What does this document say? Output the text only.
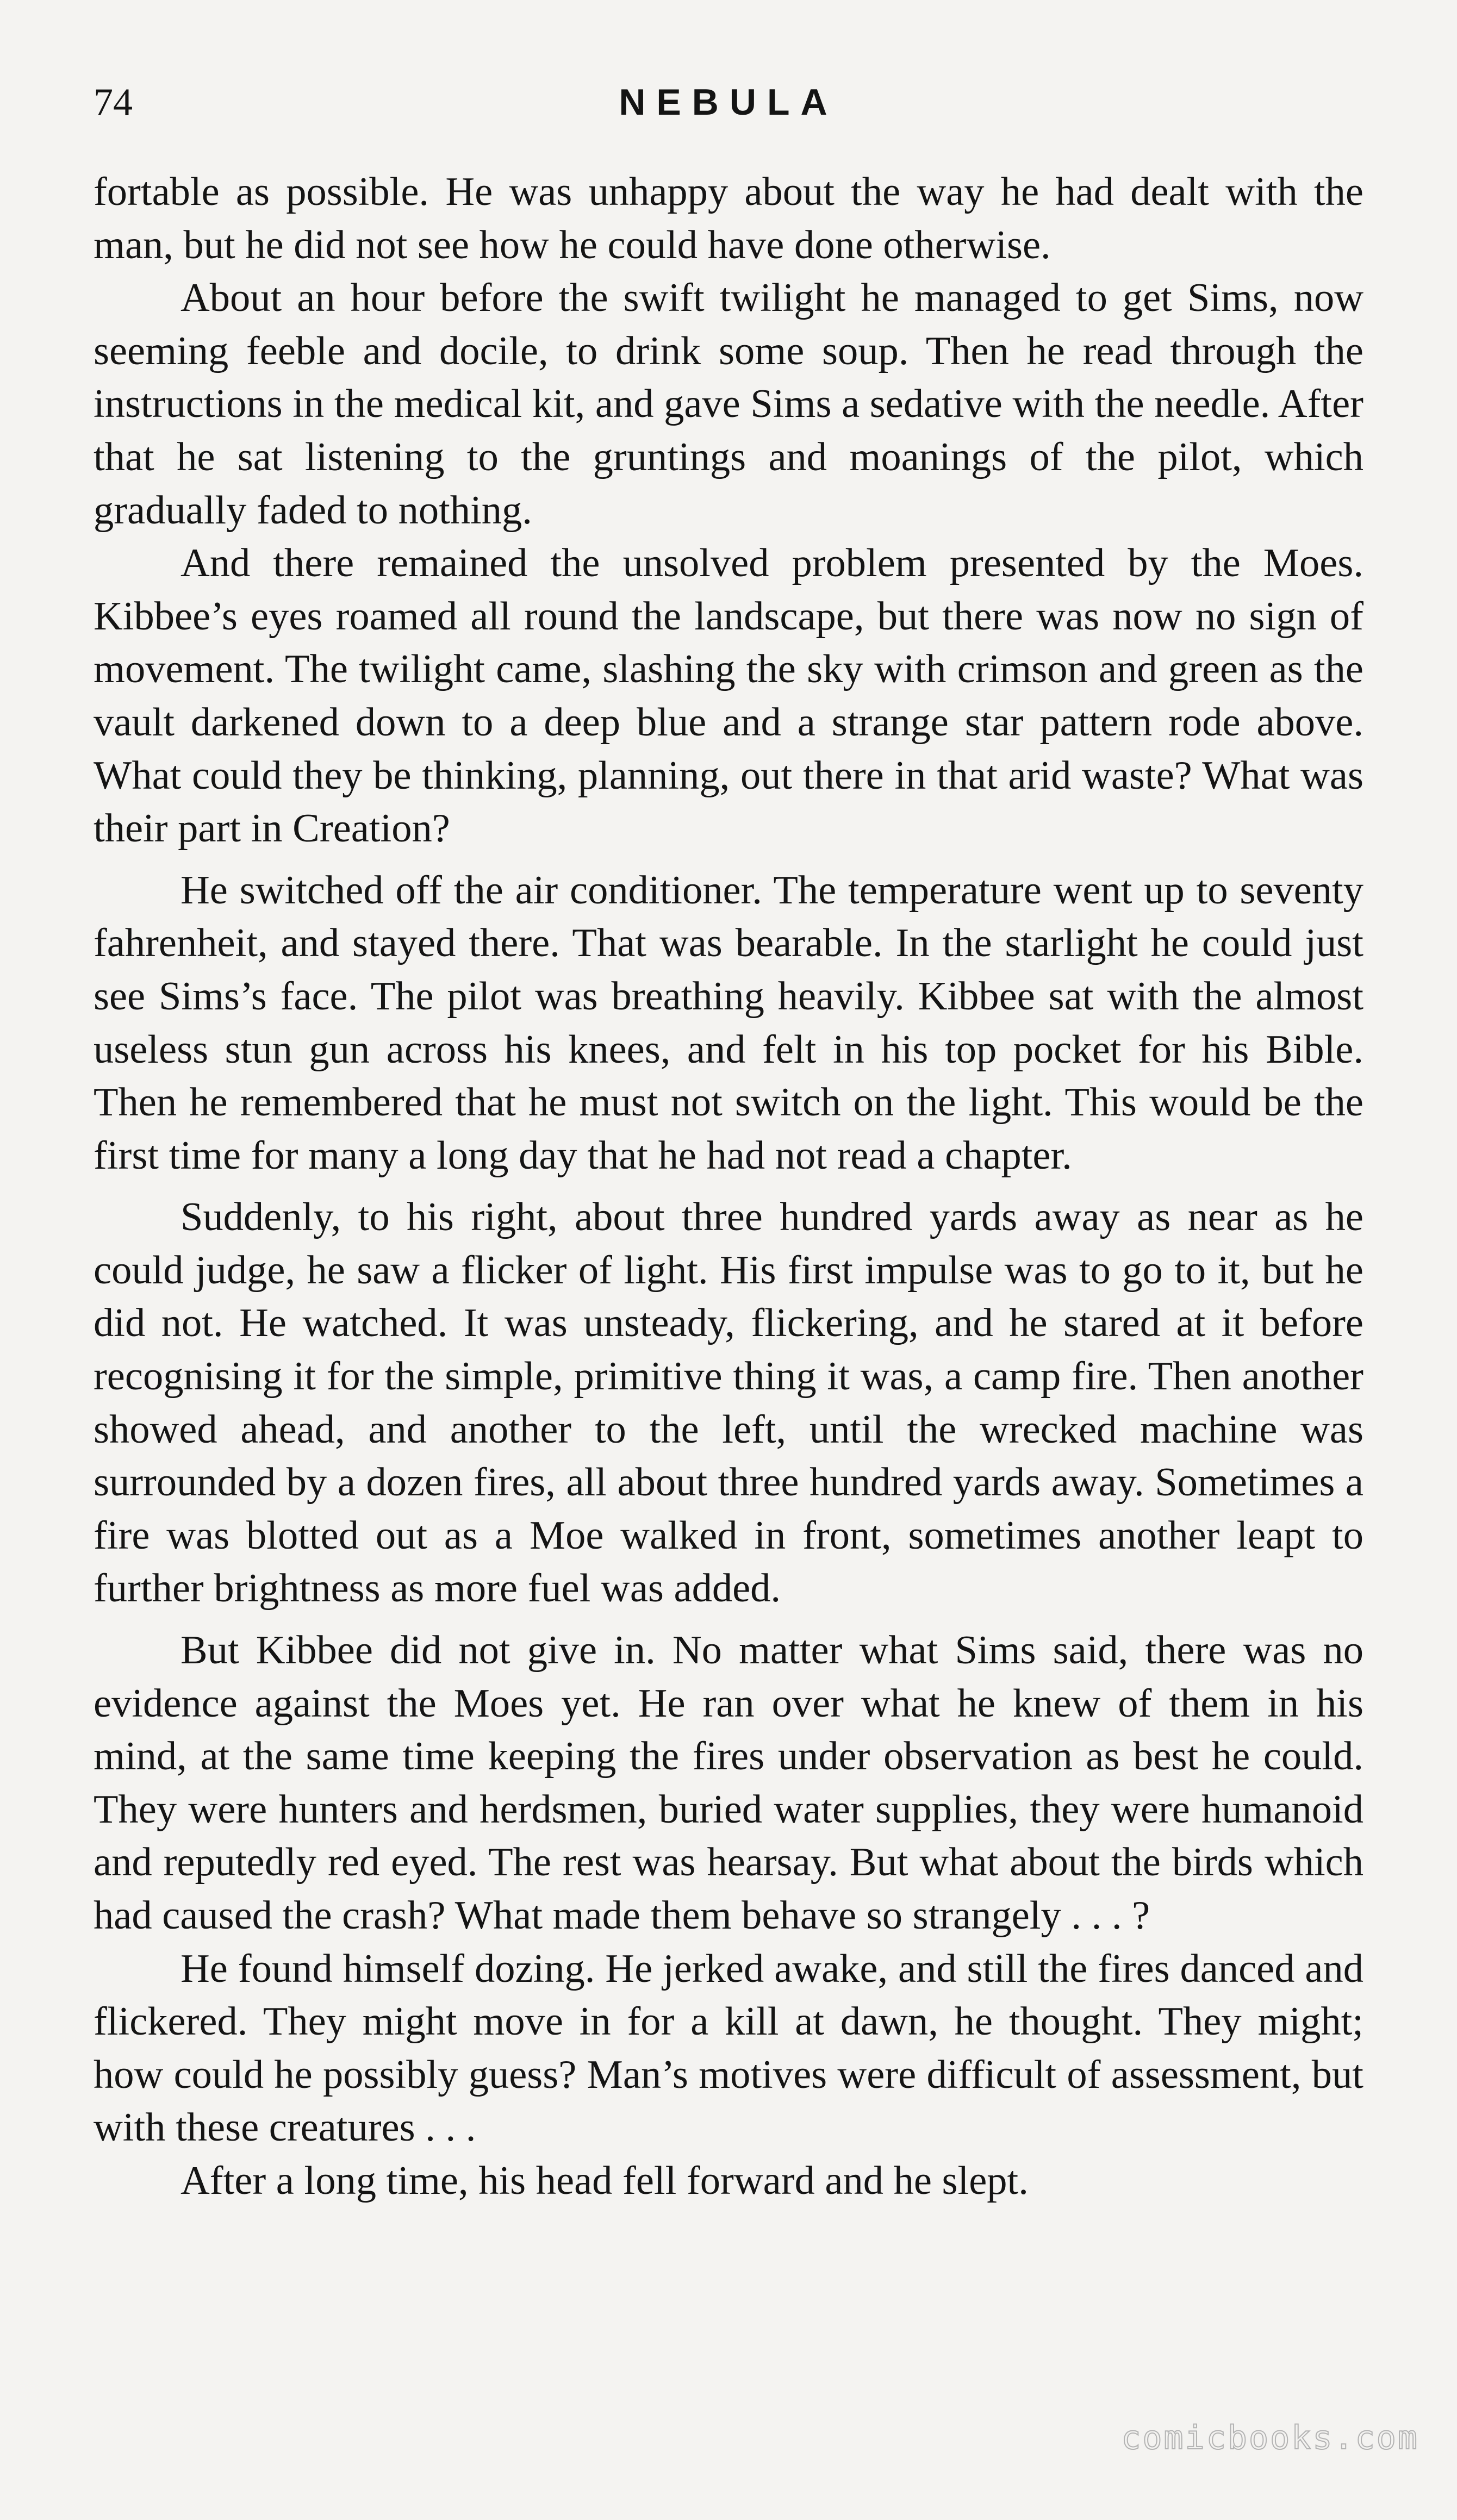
74	NEBULA

fortable as possible. He was unhappy about the way he had dealt with the man, but he did not see how he could have done otherwise.

About an hour before the swift twilight he managed to get Sims, now seeming feeble and docile, to drink some soup. Then he read through the instructions in the medical kit, and gave Sims a sedative with the needle. After that he sat listening to the gruntings and moanings of the pilot, which gradually faded to nothing.

And there remained the unsolved problem presented by the Moes. Kibbee’s eyes roamed all round the landscape, but there was now no sign of movement. The twilight came, slashing the sky with crimson and green as the vault darkened down to a deep blue and a strange star pattern rode above. What could they be thinking, planning, out there in that arid waste? What was their part in Creation?

He switched off the air conditioner. The temperature went up to seventy fahrenheit, and stayed there. That was bearable. In the starlight he could just see Sims’s face. The pilot was breathing heavily. Kibbee sat with the almost useless stun gun across his knees, and felt in his top pocket for his Bible. Then he remembered that he must not switch on the light. This would be the first time for many a long day that he had not read a chapter.

Suddenly, to his right, about three hundred yards away as near as he could judge, he saw a flicker of light. His first impulse was to go to it, but he did not. He watched. It was unsteady, flickering, and he stared at it before recognising it for the simple, primitive thing it was, a camp fire. Then another showed ahead, and another to the left, until the wrecked machine was surrounded by a dozen fires, all about three hundred yards away. Sometimes a fire was blotted out as a Moe walked in front, sometimes another leapt to further brightness as more fuel was added.

But Kibbee did not give in. No matter what Sims said, there was no evidence against the Moes yet. He ran over what he knew of them in his mind, at the same time keeping the fires under observation as best he could. They were hunters and herdsmen, buried water supplies, they were humanoid and reputedly red eyed. The rest was hearsay. But what about the birds which had caused the crash? What made them behave so strangely . . . ?

He found himself dozing. He jerked awake, and still the fires danced and flickered. They might move in for a kill at dawn, he thought. They might; how could he possibly guess? Man’s motives were difficult of assessment, but with these creatures . . .

After a long time, his head fell forward and he slept.

comicbooks.com
